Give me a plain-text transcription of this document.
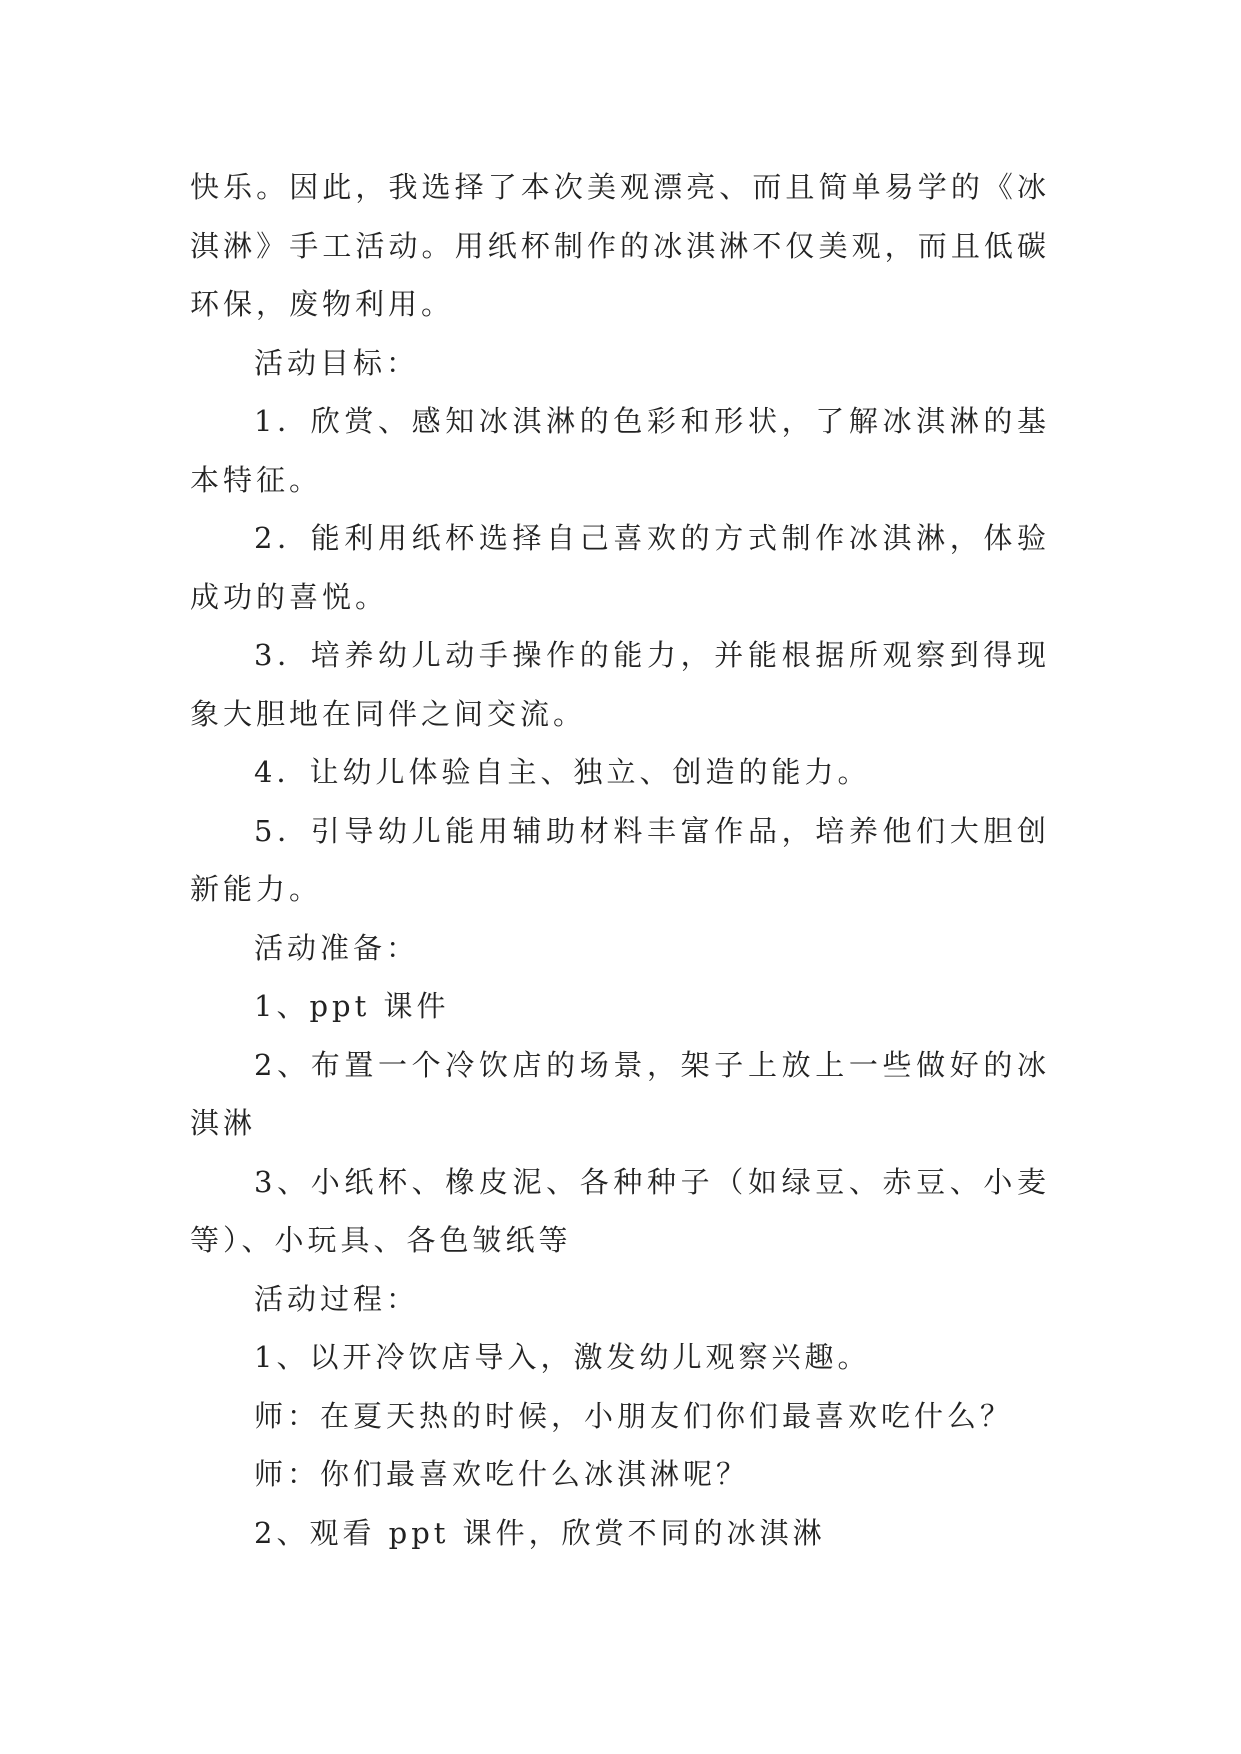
快乐。因此，我选择了本次美观漂亮、而且简单易学的《冰淇淋》手工活动。用纸杯制作的冰淇淋不仅美观，而且低碳环保，废物利用。

活动目标：

1．欣赏、感知冰淇淋的色彩和形状，了解冰淇淋的基本特征。

2．能利用纸杯选择自己喜欢的方式制作冰淇淋，体验成功的喜悦。

3．培养幼儿动手操作的能力，并能根据所观察到得现象大胆地在同伴之间交流。

4．让幼儿体验自主、独立、创造的能力。

5．引导幼儿能用辅助材料丰富作品，培养他们大胆创新能力。

活动准备：

1、ppt 课件

2、布置一个冷饮店的场景，架子上放上一些做好的冰淇淋

3、小纸杯、橡皮泥、各种种子（如绿豆、赤豆、小麦等）、小玩具、各色皱纸等

活动过程：

1、以开冷饮店导入，激发幼儿观察兴趣。

师：在夏天热的时候，小朋友们你们最喜欢吃什么？

师：你们最喜欢吃什么冰淇淋呢？

2、观看 ppt 课件，欣赏不同的冰淇淋
